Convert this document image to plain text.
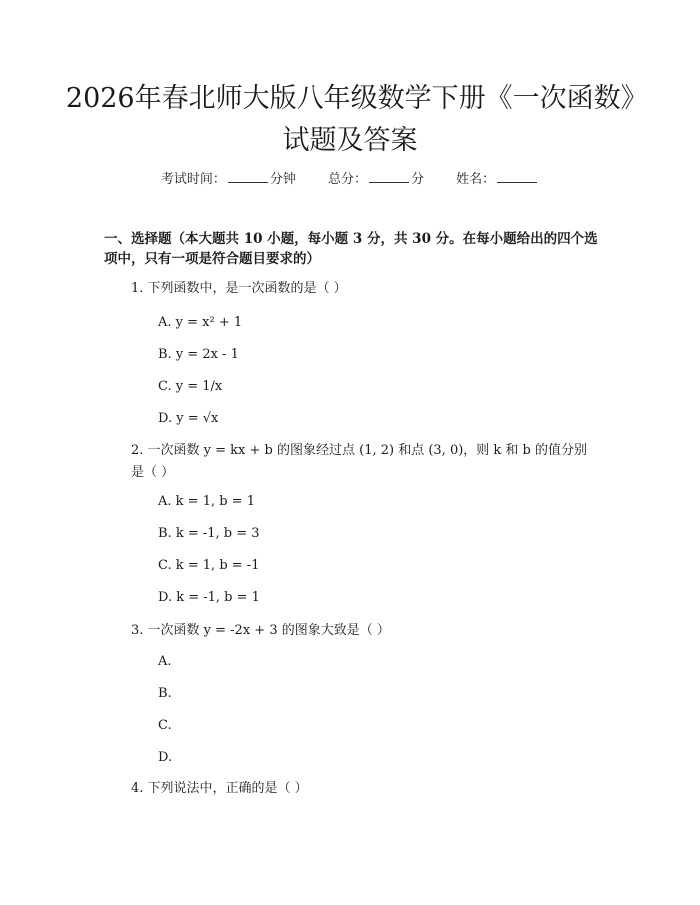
2026年春北师大版八年级数学下册《一次函数》试题及答案
考试时间：	分钟 总分：	分 姓名：
一、选择题（本大题共 10 小题，每小题 3 分，共 30 分。在每小题给出的四个选项中，只有一项是符合题目要求的）
1. 下列函数中，是一次函数的是（ ）
A. y = x² + 1
B. y = 2x - 1
C. y = 1/x
D. y = √x
2. 一次函数 y = kx + b 的图象经过点 (1, 2) 和点 (3, 0)，则 k 和 b 的值分别是（ ）
A. k = 1, b = 1
B. k = -1, b = 3
C. k = 1, b = -1
D. k = -1, b = 1
3. 一次函数 y = -2x + 3 的图象大致是（ ）
A.
B.
C.
D.
4. 下列说法中，正确的是（ ）
